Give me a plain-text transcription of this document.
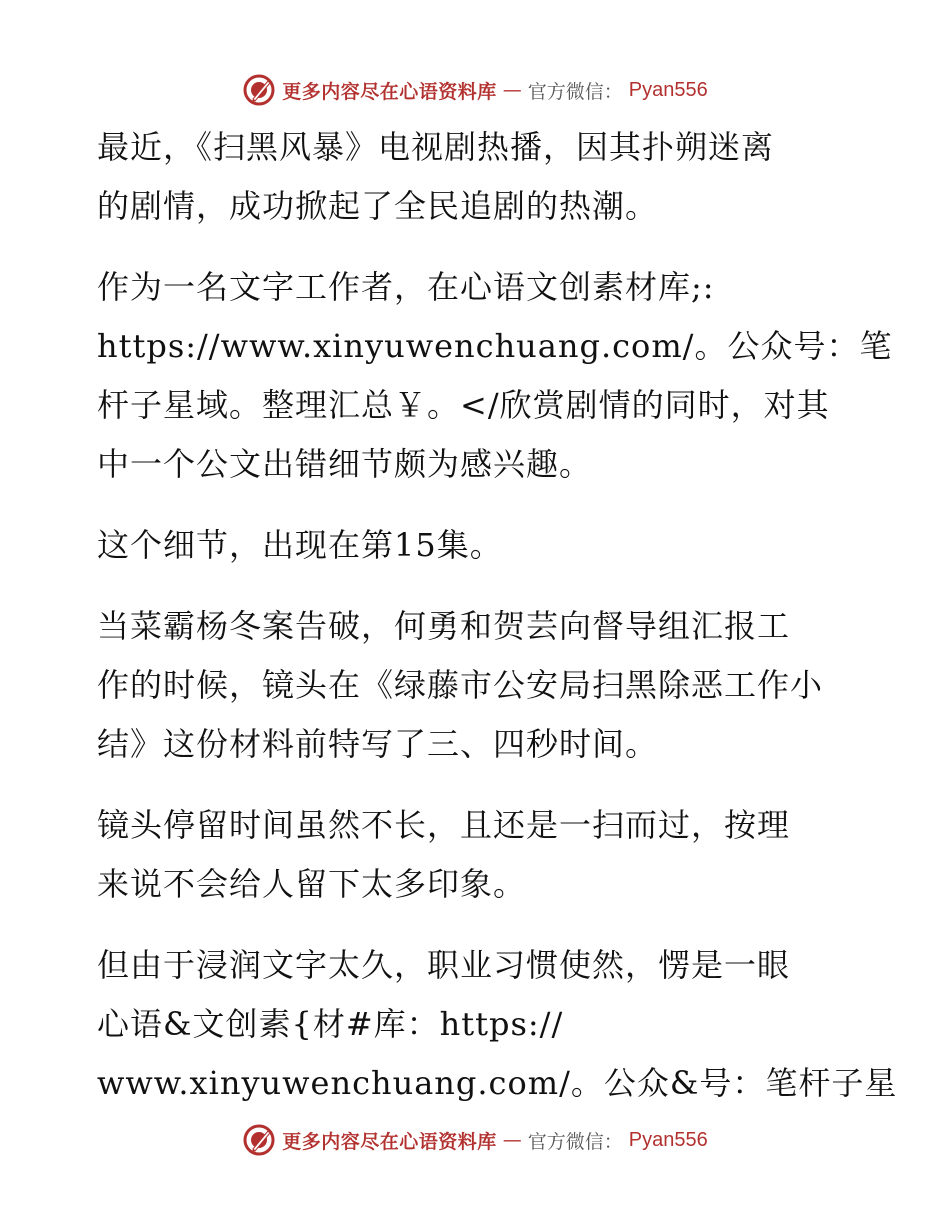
更多内容尽在心语资料库 — 官方微信： Pyan556

最近，《扫黑风暴》电视剧热播，因其扑朔迷离
的剧情，成功掀起了全民追剧的热潮。

作为一名文字工作者，在心语文创素材库;:
https://www.xinyuwenchuang.com/。公众号：笔
杆子星域。整理汇总￥。</欣赏剧情的同时，对其
中一个公文出错细节颇为感兴趣。

这个细节，出现在第15集。

当菜霸杨冬案告破，何勇和贺芸向督导组汇报工
作的时候，镜头在《绿藤市公安局扫黑除恶工作小
结》这份材料前特写了三、四秒时间。

镜头停留时间虽然不长，且还是一扫而过，按理
来说不会给人留下太多印象。

但由于浸润文字太久，职业习惯使然，愣是一眼
心语&文创素{材#库：https://
www.xinyuwenchuang.com/。公众&号：笔杆子星

更多内容尽在心语资料库 — 官方微信： Pyan556
